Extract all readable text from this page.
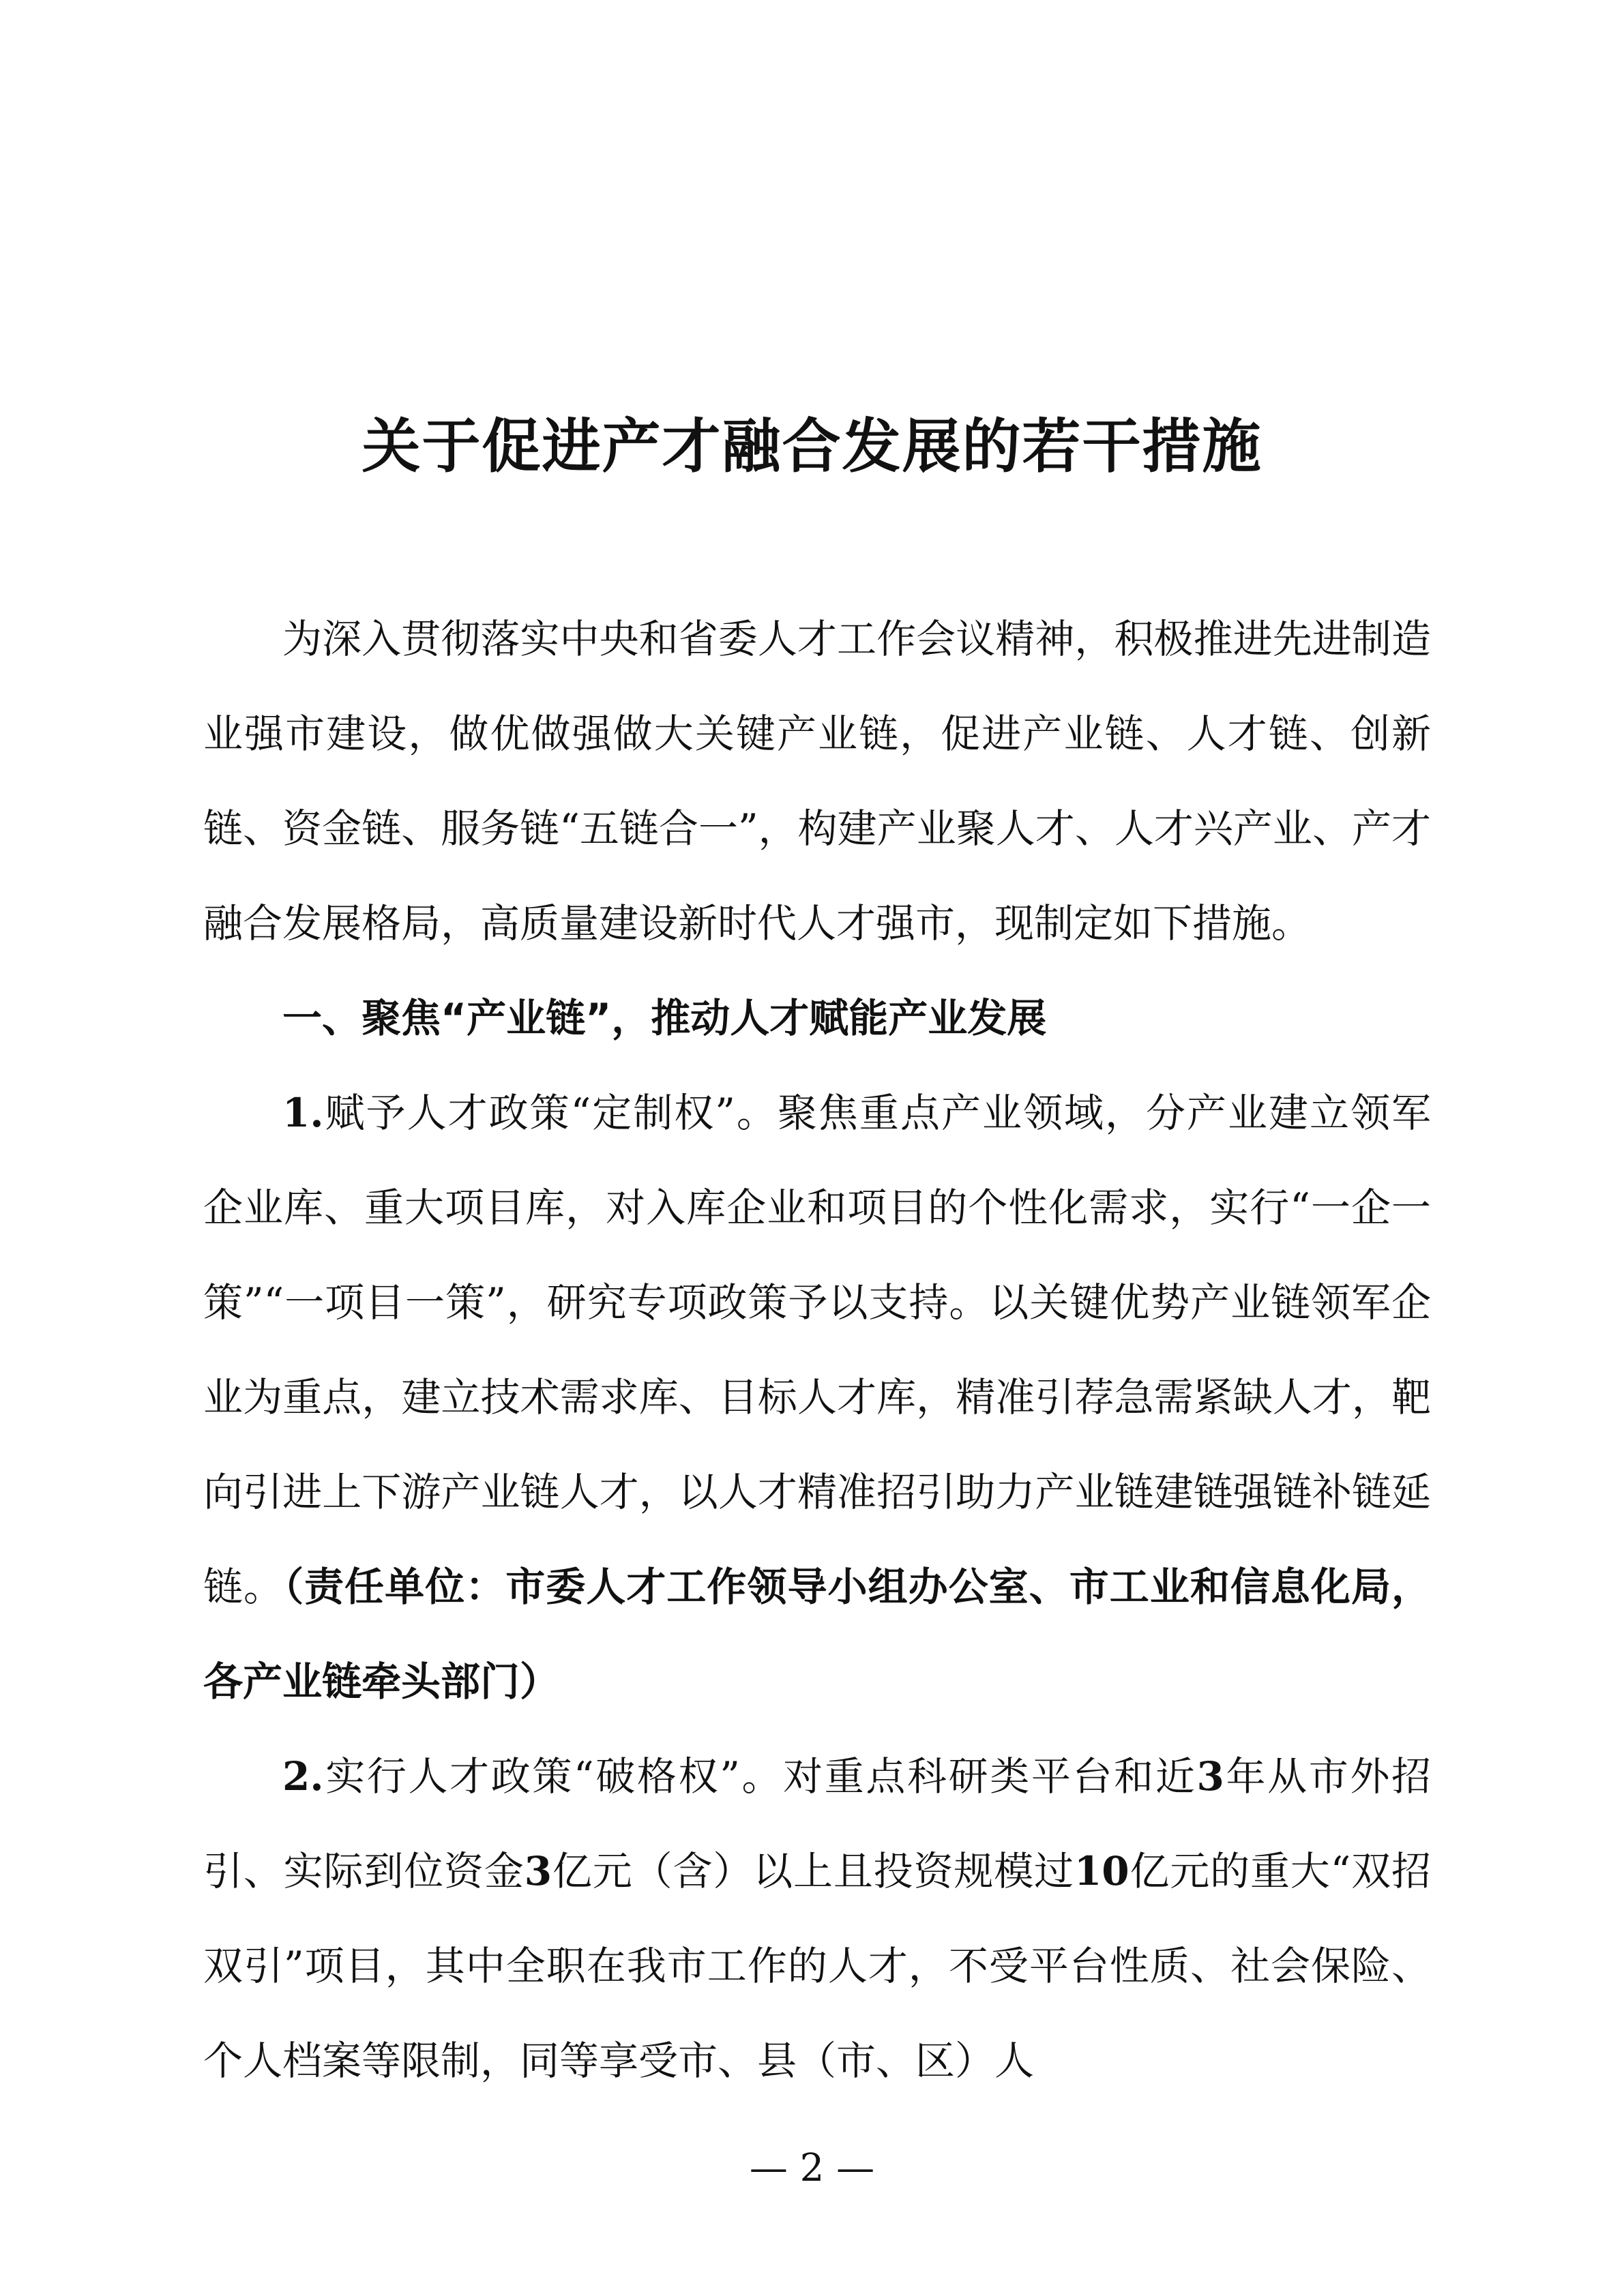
关于促进产才融合发展的若干措施

为深入贯彻落实中央和省委人才工作会议精神，积极推进先进制造业强市建设，做优做强做大关键产业链，促进产业链、人才链、创新链、资金链、服务链“五链合一”，构建产业聚人才、人才兴产业、产才融合发展格局，高质量建设新时代人才强市，现制定如下措施。

一、聚焦“产业链”，推动人才赋能产业发展

1.赋予人才政策“定制权”。聚焦重点产业领域，分产业建立领军企业库、重大项目库，对入库企业和项目的个性化需求，实行“一企一策”“一项目一策”，研究专项政策予以支持。以关键优势产业链领军企业为重点，建立技术需求库、目标人才库，精准引荐急需紧缺人才，靶向引进上下游产业链人才，以人才精准招引助力产业链建链强链补链延链。（责任单位：市委人才工作领导小组办公室、市工业和信息化局，各产业链牵头部门）

2.实行人才政策“破格权”。对重点科研类平台和近3年从市外招引、实际到位资金3亿元（含）以上且投资规模过10亿元的重大“双招双引”项目，其中全职在我市工作的人才，不受平台性质、社会保险、个人档案等限制，同等享受市、县（市、区）人

— 2 —
